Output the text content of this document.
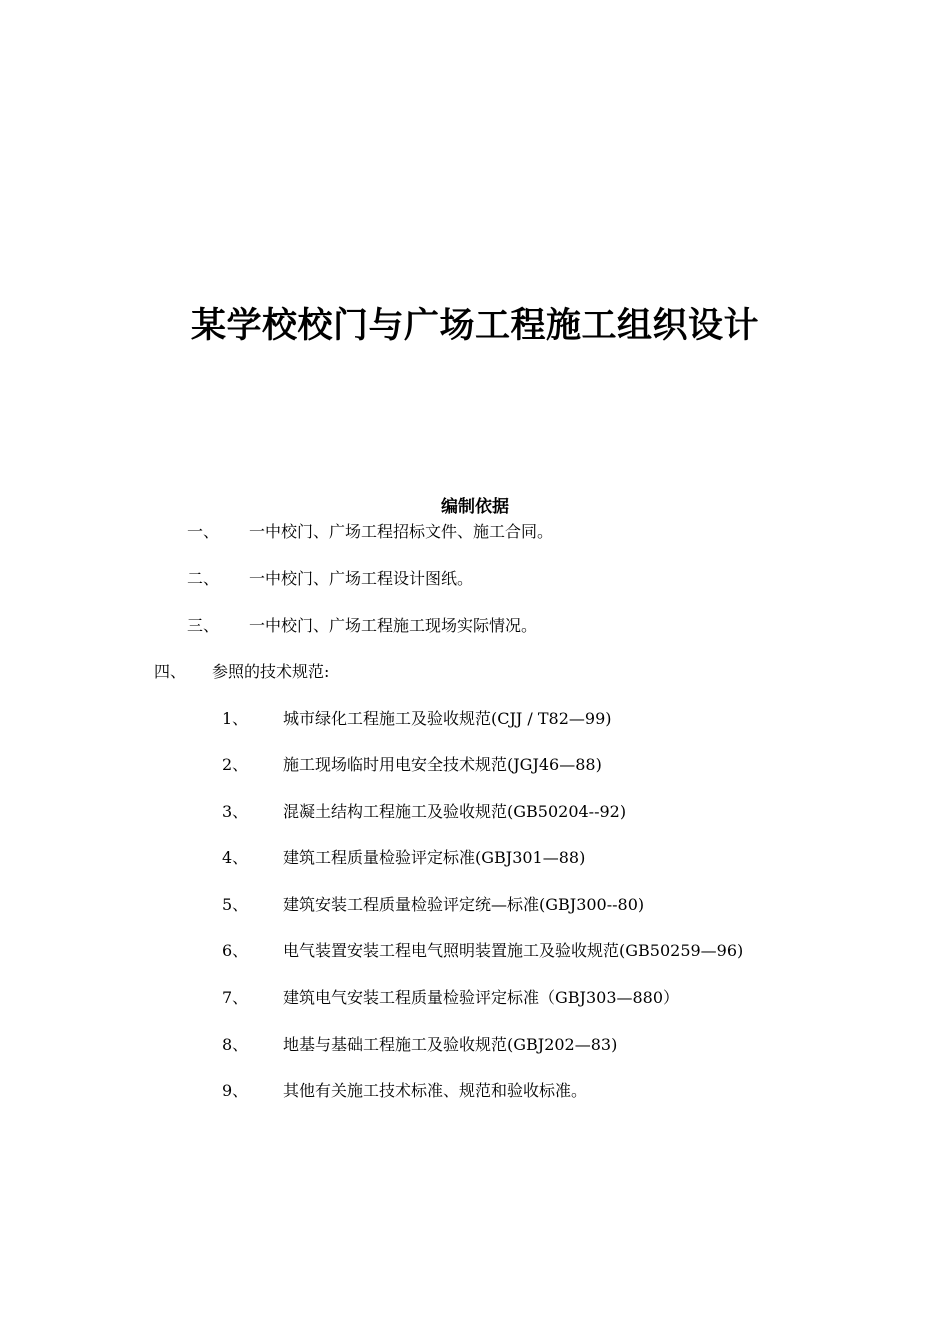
某学校校门与广场工程施工组织设计
编制依据
一、 一中校门、广场工程招标文件、施工合同。
二、 一中校门、广场工程设计图纸。
三、 一中校门、广场工程施工现场实际情况。
四、 参照的技术规范:
1、 城市绿化工程施工及验收规范(CJJ / T82—99)
2、 施工现场临时用电安全技术规范(JGJ46—88)
3、 混凝土结构工程施工及验收规范(GB50204--92)
4、 建筑工程质量检验评定标准(GBJ301—88)
5、 建筑安装工程质量检验评定统—标准(GBJ300--80)
6、 电气装置安装工程电气照明装置施工及验收规范(GB50259—96)
7、 建筑电气安装工程质量检验评定标准（GBJ303—880）
8、 地基与基础工程施工及验收规范(GBJ202—83)
9、 其他有关施工技术标准、规范和验收标准。
